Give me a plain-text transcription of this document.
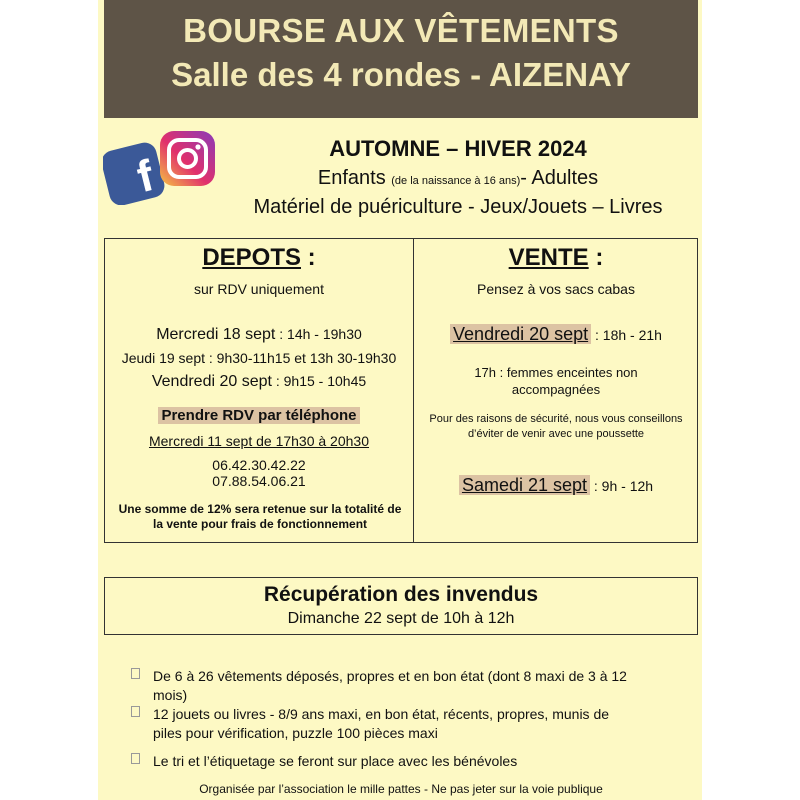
BOURSE AUX VÊTEMENTS
Salle des 4 rondes - AIZENAY
f
AUTOMNE – HIVER 2024
Enfants (de la naissance à 16 ans)- Adultes
Matériel de puériculture - Jeux/Jouets – Livres
DEPOTS :
sur RDV uniquement
Mercredi 18 sept : 14h - 19h30
Jeudi 19 sept : 9h30-11h15 et 13h 30-19h30
Vendredi 20 sept : 9h15 - 10h45
Prendre RDV par téléphone
Mercredi 11 sept de 17h30 à 20h30
06.42.30.42.22
07.88.54.06.21
Une somme de 12% sera retenue sur la totalité de la vente pour frais de fonctionnement
VENTE :
Pensez à vos sacs cabas
Vendredi 20 sept : 18h - 21h
17h : femmes enceintes non accompagnées
Pour des raisons de sécurité, nous vous conseillons d’éviter de venir avec une poussette
Samedi 21 sept : 9h - 12h
Récupération des invendus
Dimanche 22 sept de 10h à 12h
De 6 à 26 vêtements déposés, propres et en bon état (dont 8 maxi de 3 à 12 mois)
12 jouets ou livres - 8/9 ans maxi, en bon état, récents, propres, munis de piles pour vérification, puzzle 100 pièces maxi
Le tri et l’étiquetage se feront sur place avec les bénévoles
Organisée par l’association le mille pattes - Ne pas jeter sur la voie publique
